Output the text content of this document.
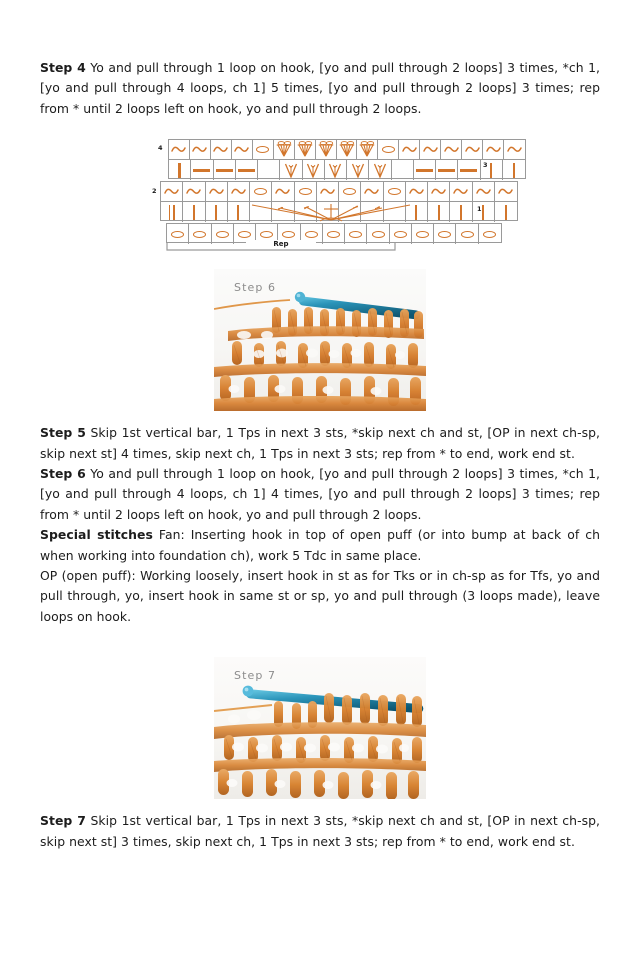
Step 4 Yo and pull through 1 loop on hook, [yo and pull through 2 loops] 3 times, *ch 1, [yo and pull through 4 loops, ch 1] 5 times, [yo and pull through 2 loops] 3 times; rep from * until 2 loops left on hook, yo and pull through 2 loops.

4
2
3
1
Rep
Step 6

Step 5 Skip 1st vertical bar, 1 Tps in next 3 sts, *skip next ch and st, [OP in next ch-sp, skip next st] 4 times, skip next ch, 1 Tps in next 3 sts; rep from * to end, work end st.

Step 6 Yo and pull through 1 loop on hook, [yo and pull through 2 loops] 3 times, *ch 1, [yo and pull through 4 loops, ch 1] 4 times, [yo and pull through 2 loops] 3 times; rep from * until 2 loops left on hook, yo and pull through 2 loops.

Special stitches Fan: Inserting hook in top of open puff (or into bump at back of ch when working into foundation ch), work 5 Tdc in same place.

OP (open puff): Working loosely, insert hook in st as for Tks or in ch-sp as for Tfs, yo and pull through, yo, insert hook in same st or sp, yo and pull through (3 loops made), leave loops on hook.

Step 7

Step 7 Skip 1st vertical bar, 1 Tps in next 3 sts, *skip next ch and st, [OP in next ch-sp, skip next st] 3 times, skip next ch, 1 Tps in next 3 sts; rep from * to end, work end st.
